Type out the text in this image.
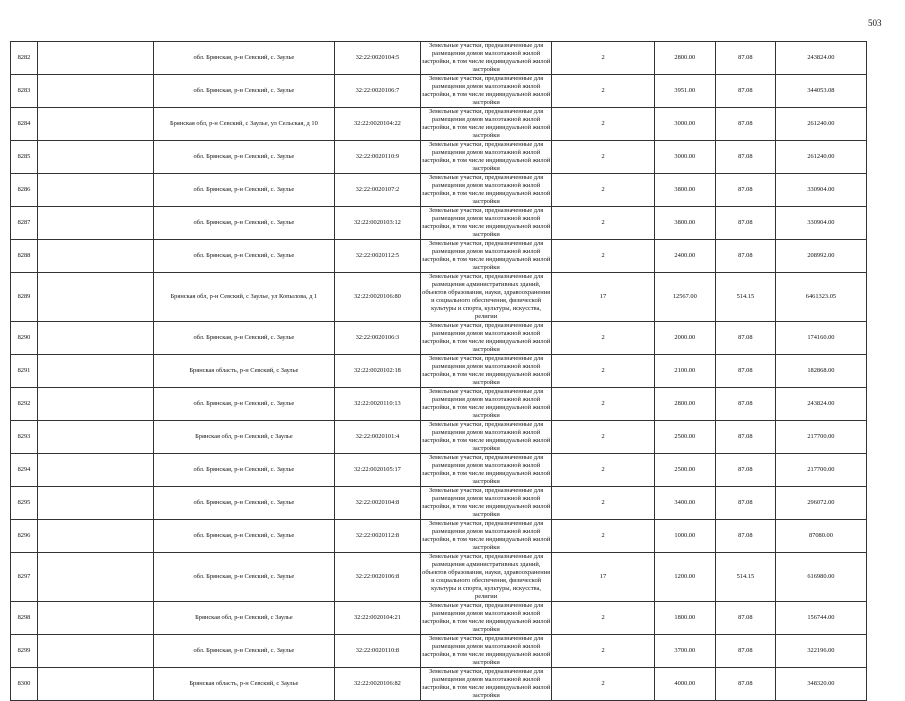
503
8282		обл. Брянская, р-н Севский, с. Заулье	32:22:0020104:5	Земельные участки, предназначенные для размещения домов малоэтажной жилой застройки, в том числе индивидуальной жилой застройки	2	2800.00	87.08	243824.00
8283		обл. Брянская, р-н Севский, с. Заулье	32:22:0020106:7	Земельные участки, предназначенные для размещения домов малоэтажной жилой застройки, в том числе индивидуальной жилой застройки	2	3951.00	87.08	344053.08
8284		Брянская обл, р-н Севский, с Заулье, ул Сельская, д 10	32:22:0020104:22	Земельные участки, предназначенные для размещения домов малоэтажной жилой застройки, в том числе индивидуальной жилой застройки	2	3000.00	87.08	261240.00
8285		обл. Брянская, р-н Севский, с. Заулье	32:22:0020110:9	Земельные участки, предназначенные для размещения домов малоэтажной жилой застройки, в том числе индивидуальной жилой застройки	2	3000.00	87.08	261240.00
8286		обл. Брянская, р-н Севский, с. Заулье	32:22:0020107:2	Земельные участки, предназначенные для размещения домов малоэтажной жилой застройки, в том числе индивидуальной жилой застройки	2	3800.00	87.08	330904.00
8287		обл. Брянская, р-н Севский, с. Заулье	32:22:0020103:12	Земельные участки, предназначенные для размещения домов малоэтажной жилой застройки, в том числе индивидуальной жилой застройки	2	3800.00	87.08	330904.00
8288		обл. Брянская, р-н Севский, с. Заулье	32:22:0020112:5	Земельные участки, предназначенные для размещения домов малоэтажной жилой застройки, в том числе индивидуальной жилой застройки	2	2400.00	87.08	208992.00
8289		Брянская обл, р-н Севский, с Заулье, ул Копылова, д 1	32:22:0020106:80	Земельные участки, предназначенные для размещения административных зданий, объектов образования, науки, здравоохранения и социального обеспечения, физической культуры и спорта, культуры, искусства, религии	17	12567.00	514.15	6461323.05
8290		обл. Брянская, р-н Севский, с. Заулье	32:22:0020106:3	Земельные участки, предназначенные для размещения домов малоэтажной жилой застройки, в том числе индивидуальной жилой застройки	2	2000.00	87.08	174160.00
8291		Брянская область, р-н Севский, с Заулье	32:22:0020102:18	Земельные участки, предназначенные для размещения домов малоэтажной жилой застройки, в том числе индивидуальной жилой застройки	2	2100.00	87.08	182868.00
8292		обл. Брянская, р-н Севский, с. Заулье	32:22:0020110:13	Земельные участки, предназначенные для размещения домов малоэтажной жилой застройки, в том числе индивидуальной жилой застройки	2	2800.00	87.08	243824.00
8293		Брянская обл, р-н Севский, с Заулье	32:22:0020101:4	Земельные участки, предназначенные для размещения домов малоэтажной жилой застройки, в том числе индивидуальной жилой застройки	2	2500.00	87.08	217700.00
8294		обл. Брянская, р-н Севский, с. Заулье	32:22:0020105:17	Земельные участки, предназначенные для размещения домов малоэтажной жилой застройки, в том числе индивидуальной жилой застройки	2	2500.00	87.08	217700.00
8295		обл. Брянская, р-н Севский, с. Заулье	32:22:0020104:8	Земельные участки, предназначенные для размещения домов малоэтажной жилой застройки, в том числе индивидуальной жилой застройки	2	3400.00	87.08	296072.00
8296		обл. Брянская, р-н Севский, с. Заулье	32:22:0020112:8	Земельные участки, предназначенные для размещения домов малоэтажной жилой застройки, в том числе индивидуальной жилой застройки	2	1000.00	87.08	87080.00
8297		обл. Брянская, р-н Севский, с. Заулье	32:22:0020106:8	Земельные участки, предназначенные для размещения административных зданий, объектов образования, науки, здравоохранения и социального обеспечения, физической культуры и спорта, культуры, искусства, религии	17	1200.00	514.15	616980.00
8298		Брянская обл, р-н Севский, с Заулье	32:22:0020104:21	Земельные участки, предназначенные для размещения домов малоэтажной жилой застройки, в том числе индивидуальной жилой застройки	2	1800.00	87.08	156744.00
8299		обл. Брянская, р-н Севский, с. Заулье	32:22:0020110:8	Земельные участки, предназначенные для размещения домов малоэтажной жилой застройки, в том числе индивидуальной жилой застройки	2	3700.00	87.08	322196.00
8300		Брянская область, р-н Севский, с Заулье	32:22:0020106:82	Земельные участки, предназначенные для размещения домов малоэтажной жилой застройки, в том числе индивидуальной жилой застройки	2	4000.00	87.08	348320.00
